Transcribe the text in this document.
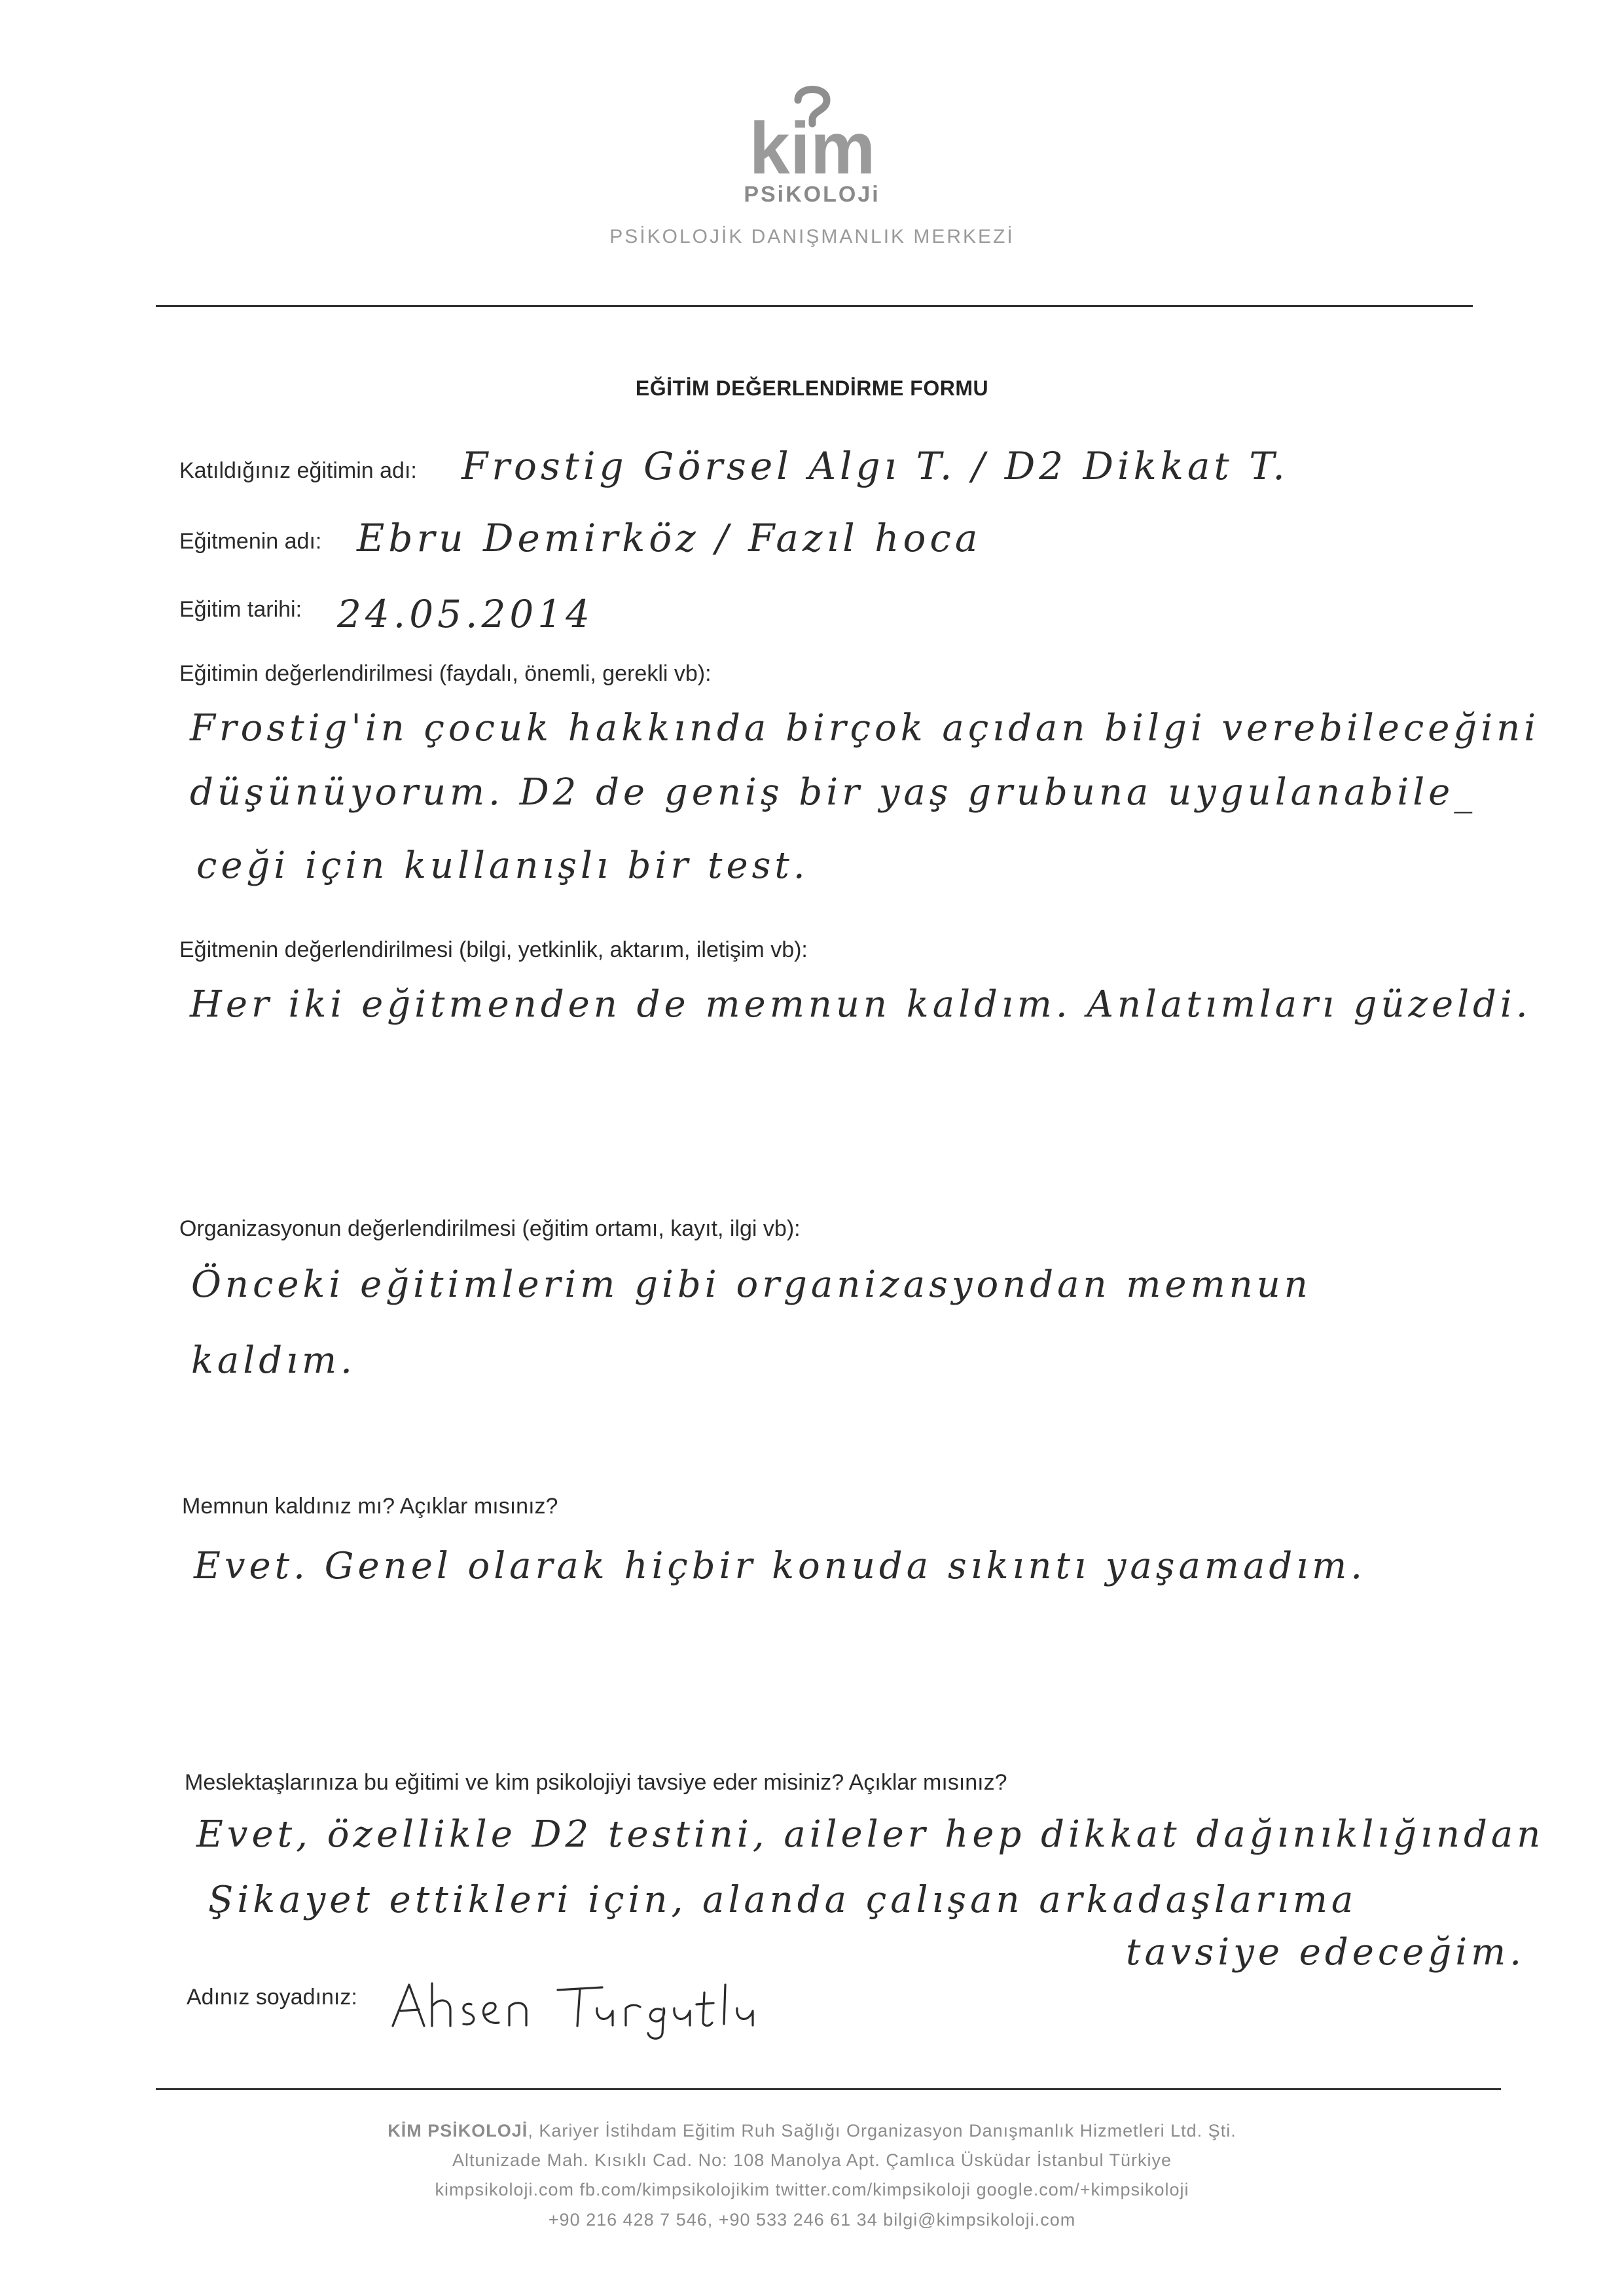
kim
PSiKOLOJi
PSİKOLOJİK DANIŞMANLIK MERKEZİ
EĞİTİM DEĞERLENDİRME FORMU
Katıldığınız eğitimin adı: Frostig Görsel Algı T. / D2 Dikkat T.
Eğitmenin adı: Ebru Demirköz / Fazıl hoca
Eğitim tarihi: 24.05.2014
Eğitimin değerlendirilmesi (faydalı, önemli, gerekli vb):
Frostig'in çocuk hakkında birçok açıdan bilgi verebileceğini
düşünüyorum. D2 de geniş bir yaş grubuna uygulanabile_
ceği için kullanışlı bir test.
Eğitmenin değerlendirilmesi (bilgi, yetkinlik, aktarım, iletişim vb):
Her iki eğitmenden de memnun kaldım. Anlatımları güzeldi.
Organizasyonun değerlendirilmesi (eğitim ortamı, kayıt, ilgi vb):
Önceki eğitimlerim gibi organizasyondan memnun
kaldım.
Memnun kaldınız mı? Açıklar mısınız?
Evet. Genel olarak hiçbir konuda sıkıntı yaşamadım.
Meslektaşlarınıza bu eğitimi ve kim psikolojiyi tavsiye eder misiniz? Açıklar mısınız?
Evet, özellikle D2 testini, aileler hep dikkat dağınıklığından
Şikayet ettikleri için, alanda çalışan arkadaşlarıma
tavsiye edeceğim.
Adınız soyadınız:
KİM PSİKOLOJİ, Kariyer İstihdam Eğitim Ruh Sağlığı Organizasyon Danışmanlık Hizmetleri Ltd. Şti.
Altunizade Mah. Kısıklı Cad. No: 108 Manolya Apt. Çamlıca Üsküdar İstanbul Türkiye
kimpsikoloji.com fb.com/kimpsikolojikim twitter.com/kimpsikoloji google.com/+kimpsikoloji
+90 216 428 7 546, +90 533 246 61 34 bilgi@kimpsikoloji.com
